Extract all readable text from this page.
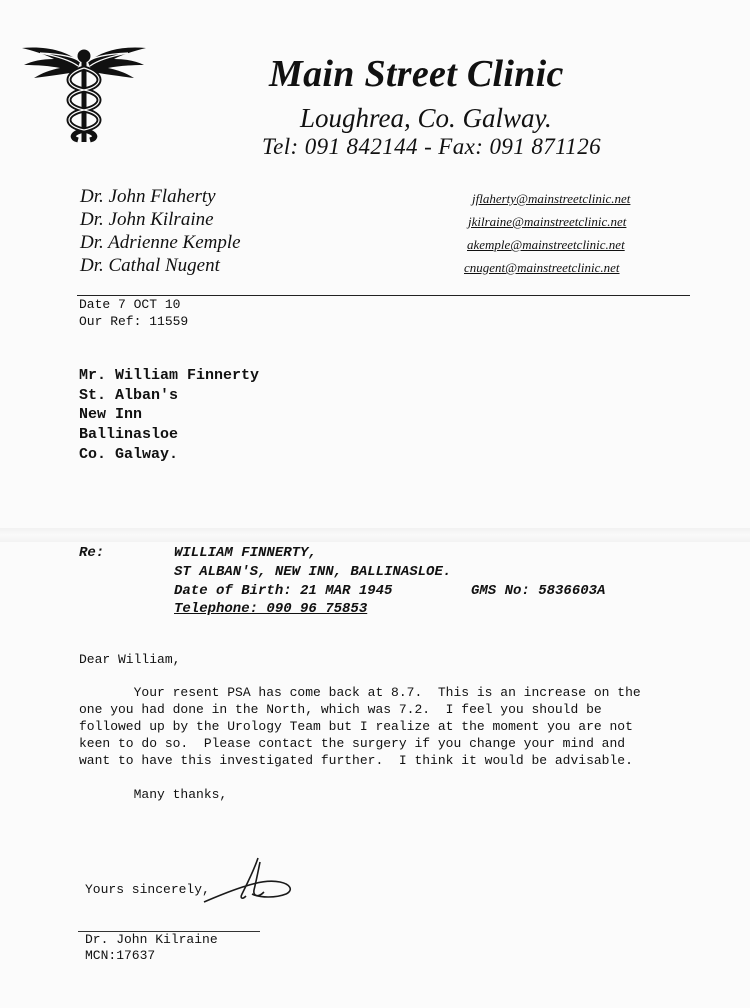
Main Street Clinic
Loughrea, Co. Galway.
Tel: 091 842144 - Fax: 091 871126
Dr. John Flaherty
Dr. John Kilraine
Dr. Adrienne Kemple
Dr. Cathal Nugent
jflaherty@mainstreetclinic.net
jkilraine@mainstreetclinic.net
akemple@mainstreetclinic.net
cnugent@mainstreetclinic.net
Date 7 OCT 10
Our Ref: 11559
Mr. William Finnerty
St. Alban's
New Inn
Ballinasloe
Co. Galway.
Re:	WILLIAM FINNERTY,
ST ALBAN'S, NEW INN, BALLINASLOE.
Date of Birth: 21 MAR 1945	GMS No: 5836603A
Telephone: 090 96 75853
Dear William,

Your resent PSA has come back at 8.7.  This is an increase on the

one you had done in the North, which was 7.2.  I feel you should be

followed up by the Urology Team but I realize at the moment you are not

keen to do so.  Please contact the surgery if you change your mind and

want to have this investigated further.  I think it would be advisable.

Many thanks,

Yours sincerely,
Dr. John Kilraine
MCN:17637
